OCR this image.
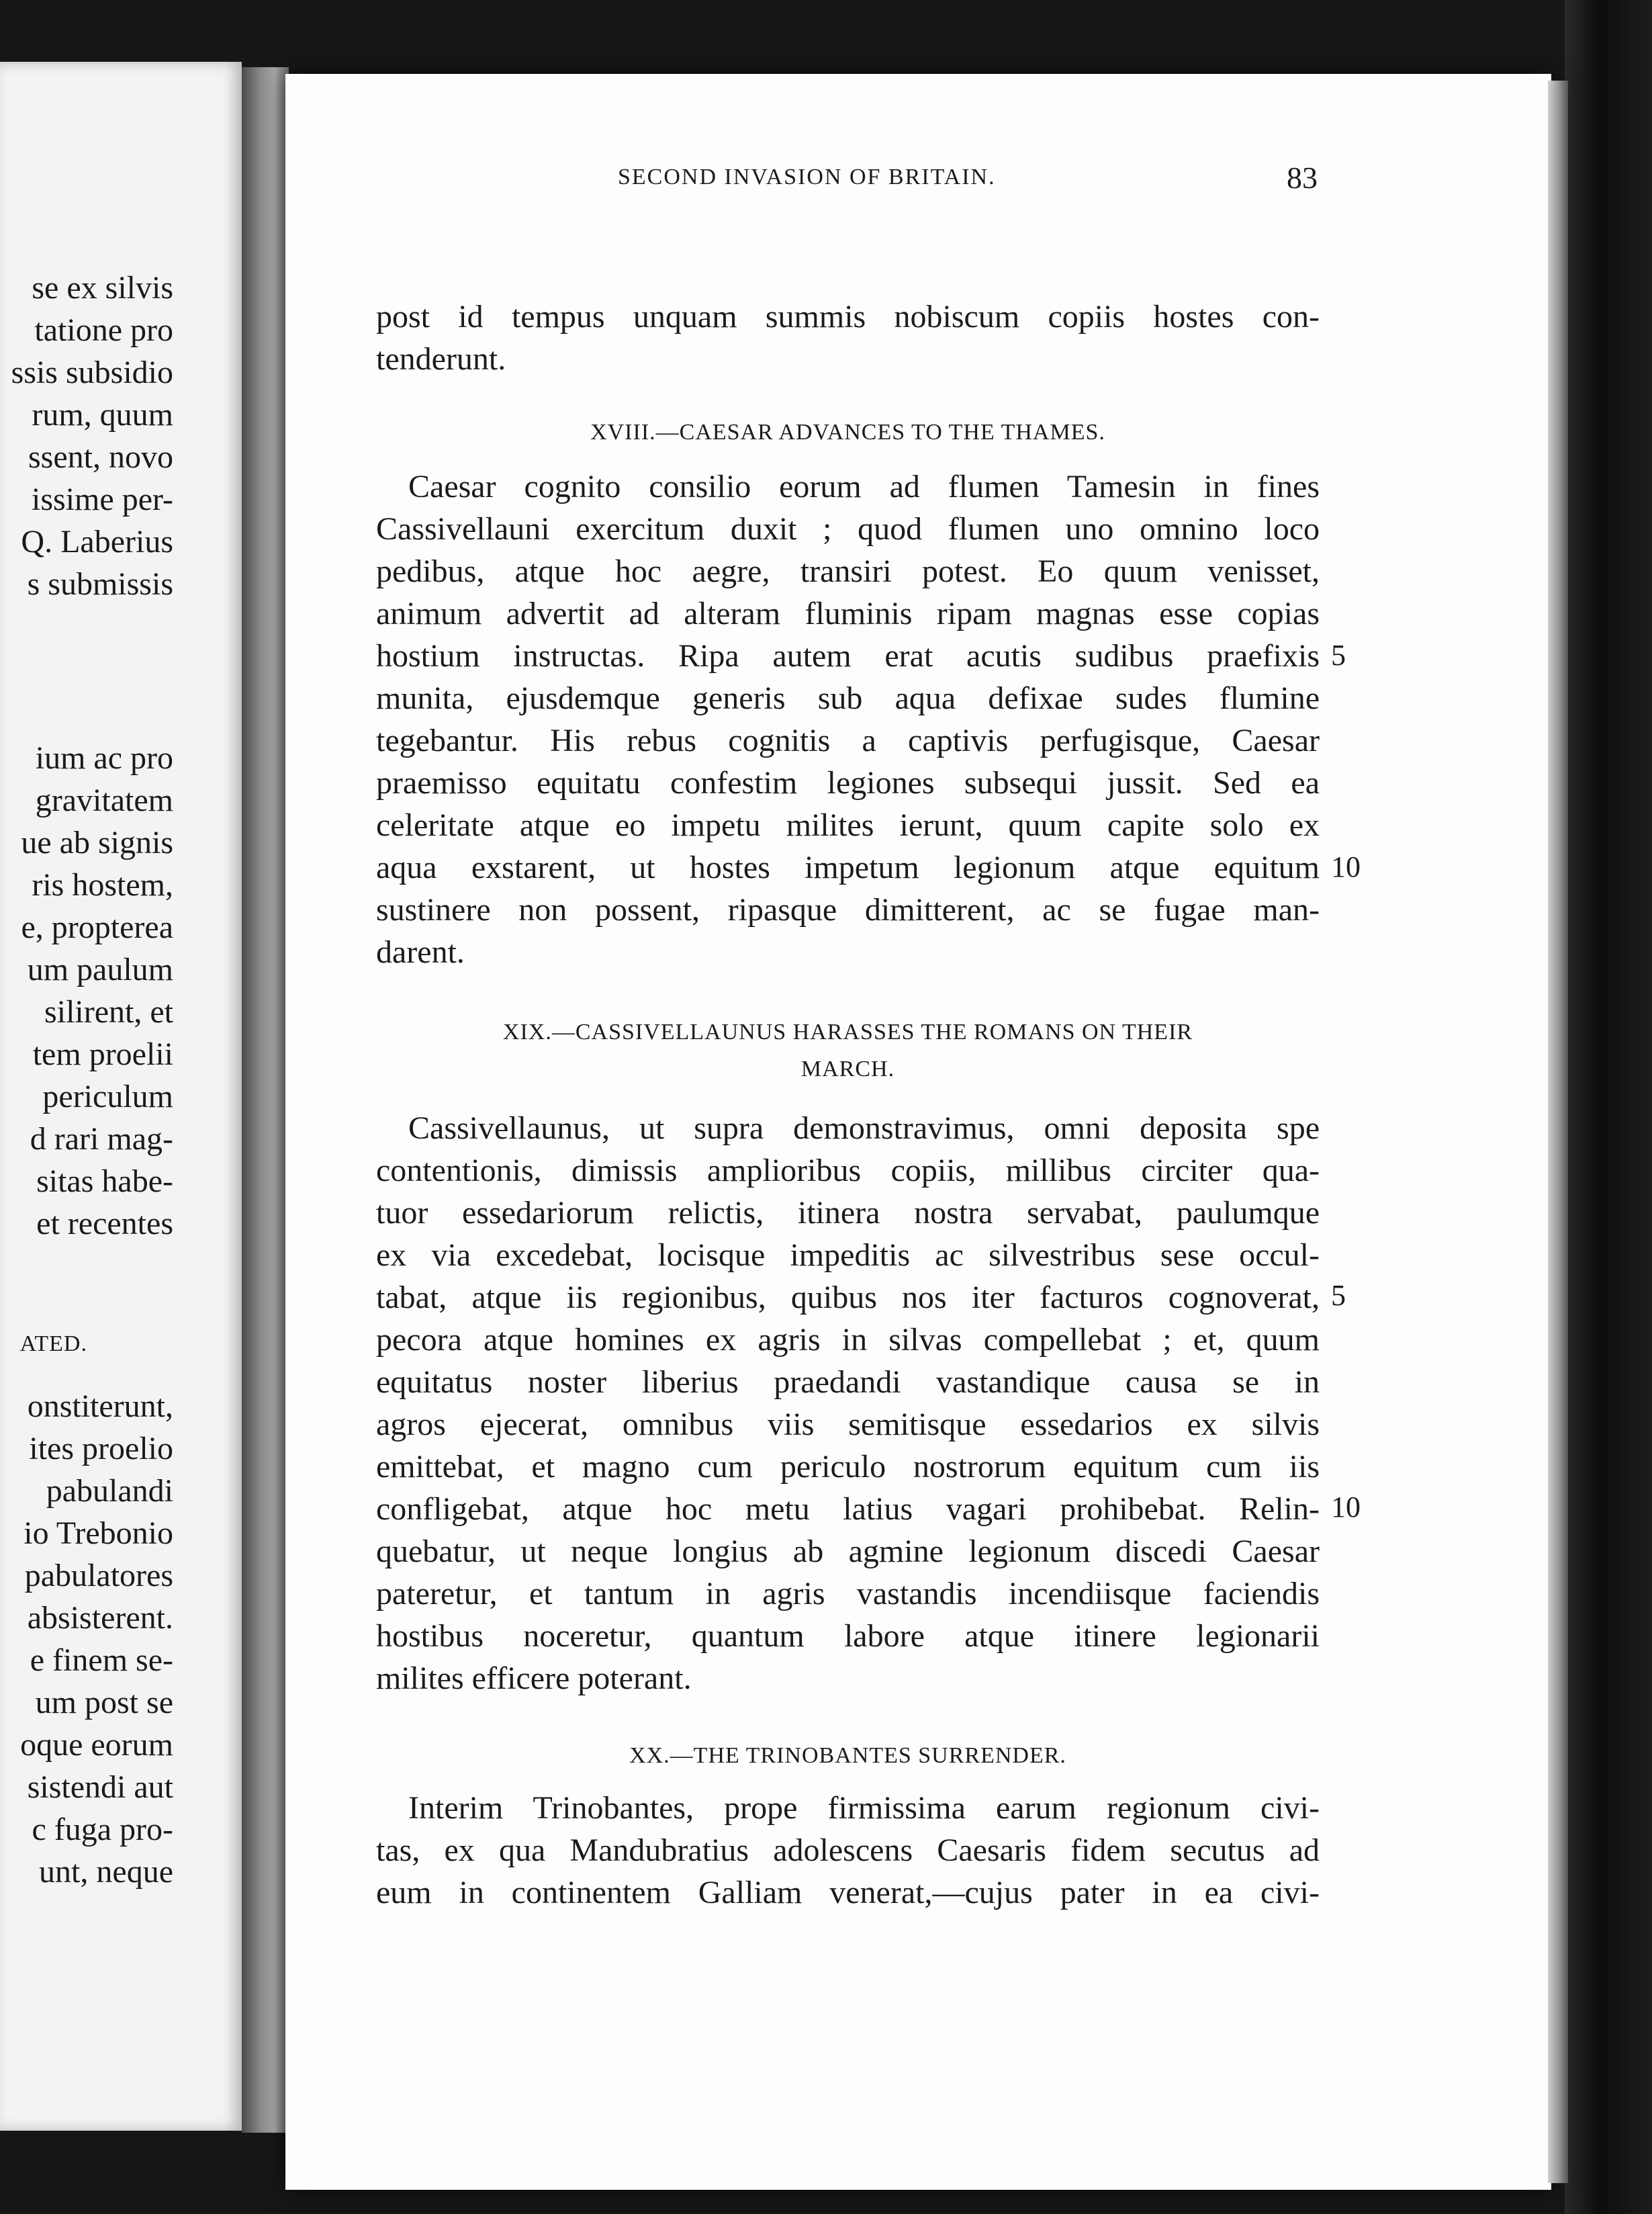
se ex silvis
tatione pro
ssis subsidio
rum, quum
ssent, novo
issime per-
Q. Laberius
s submissis
ium ac pro
gravitatem
ue ab signis
ris hostem,
e, propterea
um paulum
silirent, et
tem proelii
periculum
d rari mag-
sitas habe-
et recentes
ATED.
onstiterunt,
ites proelio
pabulandi
io Trebonio
pabulatores
absisterent.
e finem se-
um post se
oque eorum
sistendi aut
c fuga pro-
unt, neque
SECOND INVASION OF BRITAIN.	83
post id tempus unquam summis nobiscum copiis hostes con-
tenderunt.
XVIII.—CAESAR ADVANCES TO THE THAMES.
Caesar cognito consilio eorum ad flumen Tamesin in fines
Cassivellauni exercitum duxit ; quod flumen uno omnino loco
pedibus, atque hoc aegre, transiri potest. Eo quum venisset,
animum advertit ad alteram fluminis ripam magnas esse copias
hostium instructas. Ripa autem erat acutis sudibus praefixis
munita, ejusdemque generis sub aqua defixae sudes flumine
tegebantur. His rebus cognitis a captivis perfugisque, Caesar
praemisso equitatu confestim legiones subsequi jussit. Sed ea
celeritate atque eo impetu milites ierunt, quum capite solo ex
aqua exstarent, ut hostes impetum legionum atque equitum
sustinere non possent, ripasque dimitterent, ac se fugae man-
darent.
5
10
XIX.—CASSIVELLAUNUS HARASSES THE ROMANS ON THEIR
MARCH.
Cassivellaunus, ut supra demonstravimus, omni deposita spe
contentionis, dimissis amplioribus copiis, millibus circiter qua-
tuor essedariorum relictis, itinera nostra servabat, paulumque
ex via excedebat, locisque impeditis ac silvestribus sese occul-
tabat, atque iis regionibus, quibus nos iter facturos cognoverat,
pecora atque homines ex agris in silvas compellebat ; et, quum
equitatus noster liberius praedandi vastandique causa se in
agros ejecerat, omnibus viis semitisque essedarios ex silvis
emittebat, et magno cum periculo nostrorum equitum cum iis
confligebat, atque hoc metu latius vagari prohibebat. Relin-
quebatur, ut neque longius ab agmine legionum discedi Caesar
pateretur, et tantum in agris vastandis incendiisque faciendis
hostibus noceretur, quantum labore atque itinere legionarii
milites efficere poterant.
5
10
XX.—THE TRINOBANTES SURRENDER.
Interim Trinobantes, prope firmissima earum regionum civi-
tas, ex qua Mandubratius adolescens Caesaris fidem secutus ad
eum in continentem Galliam venerat,—cujus pater in ea civi-
